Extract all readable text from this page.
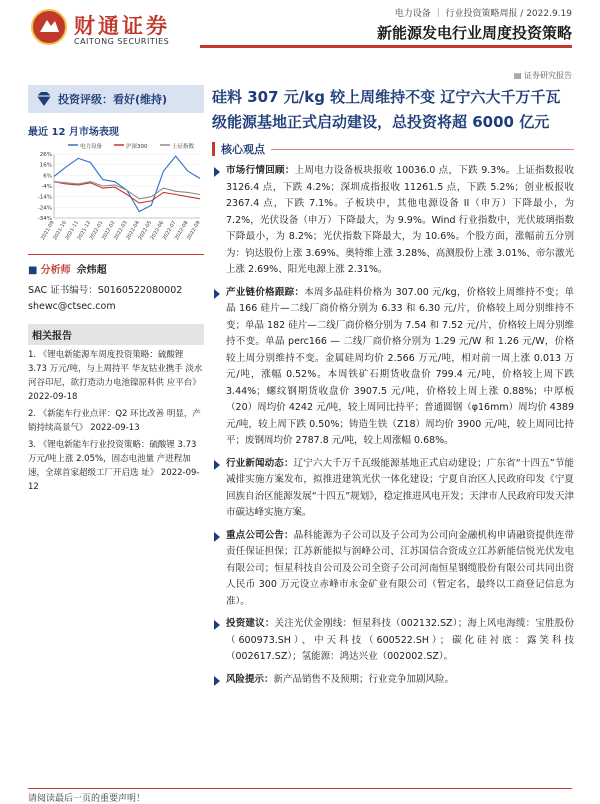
财通证券
CAITONG SECURITIES
电力设备 ｜ 行业投资策略周报 / 2022.9.19
新能源发电行业周度投资策略
▤ 证券研究报告
投资评级：看好(维持)
最近 12 月市场表现
电力设备	沪深300	上证指数
26%
16%
6%
-4%
-14%
-24%
-34%
2021-09
2021-10
2021-11
2021-12
2022-01
2022-02
2022-03
2022-04
2022-05
2022-06
2022-07
2022-08
2022-09
■ 分析师 佘炜超
SAC 证书编号：S0160522080002
shewc@ctsec.com
相关报告
1. 《锂电新能源车周度投资策略：硫酸锂 3.73 万元/吨，与上周持平 华友钴业携手 淡水河谷印尼，欲打造动力电池镍原料供 应平台》 2022-09-18
2. 《新能车行业点评：Q2 环比改善 明显，产销持续高景气》 2022-09-13
3. 《锂电新能车行业投资策略：硫酸锂 3.73 万元/吨上涨 2.05%，固态电池量 产进程加速，全球首家超级工厂开启选 址》 2022-09-12
硅料 307 元/kg 较上周维持不变 辽宁六大千万千瓦级能源基地正式启动建设，总投资将超 6000 亿元
核心观点
市场行情回顾：上周电力设备板块报收 10036.0 点，下跌 9.3%。上证指数报收 3126.4 点，下跌 4.2%；深圳成指报收 11261.5 点，下跌 5.2%；创业板报收 2367.4 点，下跌 7.1%。子板块中，其他电源设备 II（申万）下降最小，为 7.2%，光伏设备（申万）下降最大，为 9.9%。Wind 行业指数中，光伏玻璃指数下降最小，为 8.2%；光伏指数下降最大，为 10.6%。个股方面，涨幅前五分别为：钧达股份上涨 3.69%、奥特维上涨 3.28%、高测股份上涨 3.01%、帝尔激光上涨 2.69%、阳光电源上涨 2.31%。
产业链价格跟踪：本周多晶硅料价格为 307.00 元/kg，价格较上周维持不变；单晶 166 硅片—二线厂商价格分别为 6.33 和 6.30 元/片，价格较上周分别维持不变；单晶 182 硅片—二线厂商价格分别为 7.54 和 7.52 元/片，价格较上周分别维持不变。单晶 perc166 — 二线厂商价格分别为 1.29 元/W 和 1.26 元/W，价格较上周分别维持不变。金属硅周均价 2.566 万元/吨，相对前一周上涨 0.013 万元/吨，涨幅 0.52%。本周铁矿石期货收盘价 799.4 元/吨，价格较上周下跌 3.44%；螺纹钢期货收盘价 3907.5 元/吨，价格较上周上涨 0.88%；中厚板（20）周均价 4242 元/吨，较上周同比持平；普通圆钢（φ16mm）周均价 4389 元/吨，较上周下跌 0.50%；铸造生铁（Z18）周均价 3900 元/吨，较上周同比持平；废钢周均价 2787.8 元/吨，较上周涨幅 0.68%。
行业新闻动态：辽宁六大千万千瓦级能源基地正式启动建设；广东省“十四五”节能减排实施方案发布，拟推进建筑光伏一体化建设；宁夏自治区人民政府印发《宁夏回族自治区能源发展“十四五”规划》，稳定推进风电开发；天津市人民政府印发天津市碳达峰实施方案。
重点公司公告：晶科能源为子公司以及子公司为公司向金融机构申请融资提供连带责任保证担保；江苏新能拟与润峰公司、江苏国信合资成立江苏新能信悦光伏发电有限公司；恒星科技自公司及公司全资子公司河南恒星钢缆股份有限公司共同出资人民币 300 万元设立赤峰市永金矿业有限公司（暂定名，最终以工商登记信息为准）。
投资建议：关注光伏金刚线：恒星科技（002132.SZ）；海上风电海缆：宝胜股份（600973.SH）、中天科技（600522.SH）；碳化硅衬底：露笑科技（002617.SZ）；氢能源：鸿达兴业（002002.SZ）。
风险提示：新产品销售不及预期；行业竞争加剧风险。
请阅读最后一页的重要声明！
